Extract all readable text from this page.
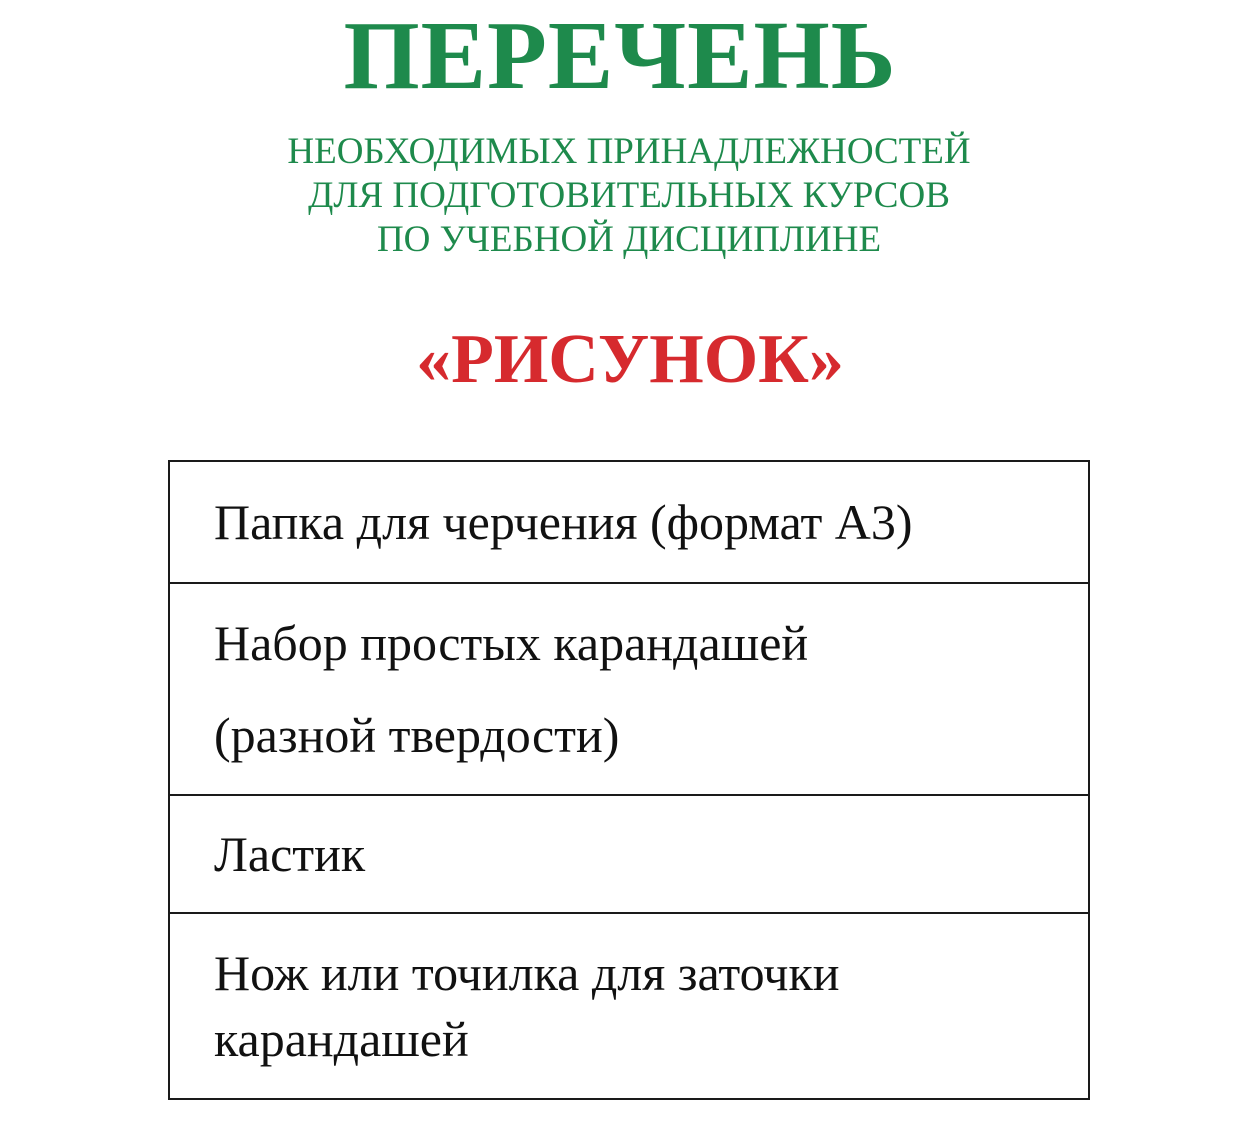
ПЕРЕЧЕНЬ
НЕОБХОДИМЫХ ПРИНАДЛЕЖНОСТЕЙ
ДЛЯ ПОДГОТОВИТЕЛЬНЫХ КУРСОВ
ПО УЧЕБНОЙ ДИСЦИПЛИНЕ
«РИСУНОК»
Папка для черчения (формат А3)

Набор простых карандашей
(разной твердости)

Ластик

Нож или точилка для заточки
карандашей
